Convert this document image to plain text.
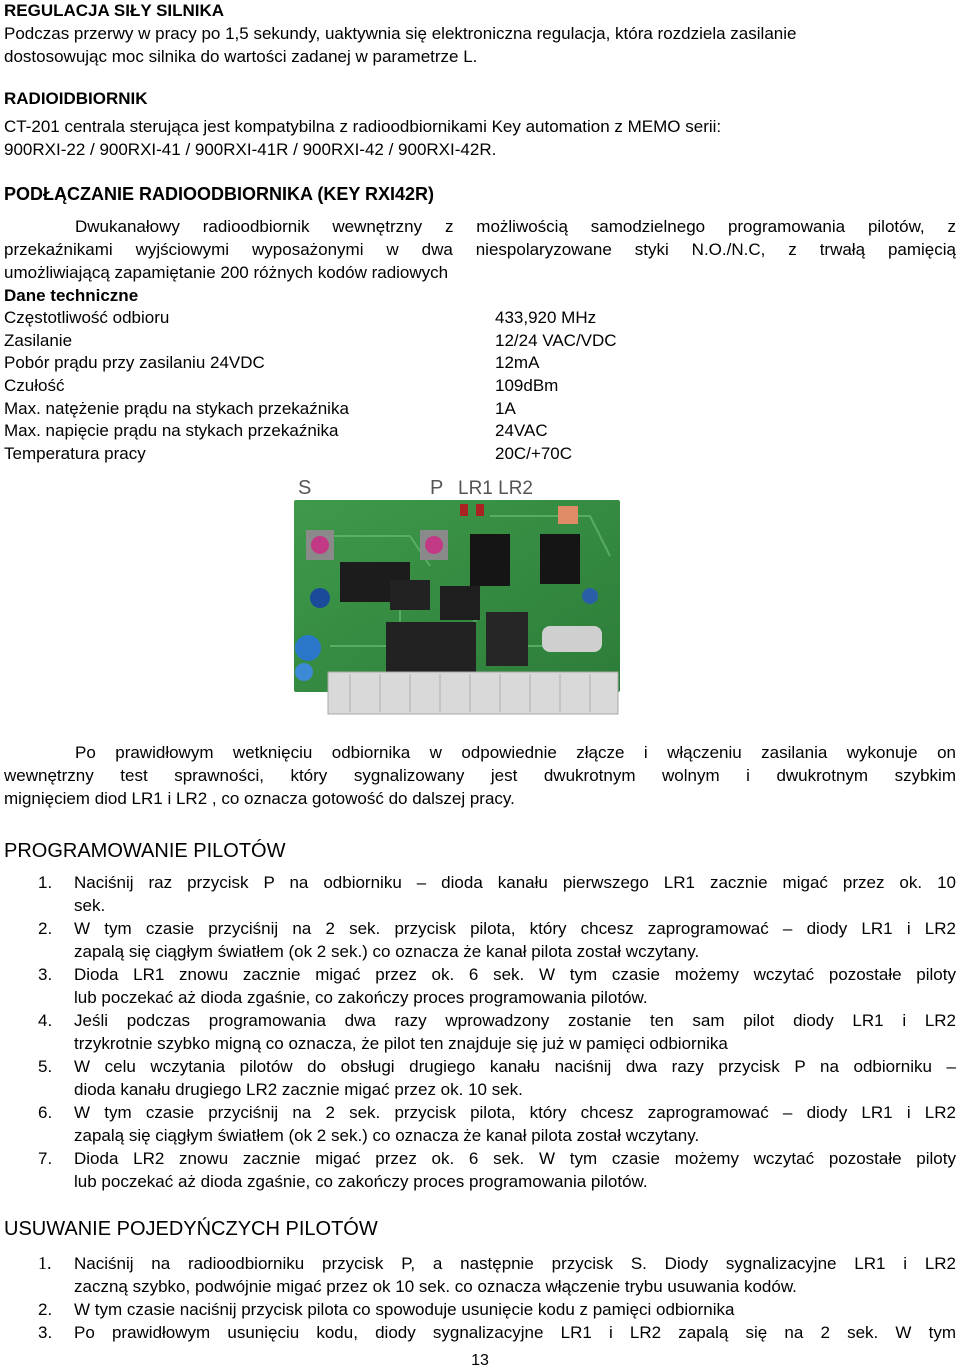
REGULACJA SIŁY SILNIKA
Podczas przerwy w pracy po 1,5 sekundy, uaktywnia się elektroniczna regulacja, która rozdziela zasilanie
dostosowując moc silnika do wartości zadanej w parametrze L.
RADIOIDBIORNIK
CT-201 centrala sterująca jest kompatybilna z radioodbiornikami Key automation z MEMO serii:
900RXI-22 / 900RXI-41 / 900RXI-41R / 900RXI-42 / 900RXI-42R.
PODŁĄCZANIE RADIOODBIORNIKA (KEY RXI42R)
Dwukanałowy radioodbiornik wewnętrzny z możliwością samodzielnego programowania pilotów, z
przekaźnikami wyjściowymi wyposażonymi w dwa niespolaryzowane styki N.O./N.C, z trwałą pamięcią
umożliwiającą zapamiętanie 200 różnych kodów radiowych
Dane techniczne
Częstotliwość odbioru	433,920 MHz
Zasilanie	12/24 VAC/VDC
Pobór prądu przy zasilaniu 24VDC	12mA
Czułość	109dBm
Max. natężenie prądu na stykach przekaźnika	1A
Max. napięcie prądu na stykach przekaźnika	24VAC
Temperatura pracy	20C/+70C
S	P LR1 LR2
Po prawidłowym wetknięciu odbiornika w odpowiednie złącze i włączeniu zasilania wykonuje on
wewnętrzny test sprawności, który sygnalizowany jest dwukrotnym wolnym i dwukrotnym szybkim
mignięciem diod LR1 i LR2 , co oznacza gotowość do dalszej pracy.
PROGRAMOWANIE PILOTÓW
1. Naciśnij raz przycisk P na odbiorniku – dioda kanału pierwszego LR1 zacznie migać przez ok. 10
sek.
2. W tym czasie przyciśnij na 2 sek. przycisk pilota, który chcesz zaprogramować – diody LR1 i LR2
zapalą się ciągłym światłem (ok 2 sek.) co oznacza że kanał pilota został wczytany.
3. Dioda LR1 znowu zacznie migać przez ok. 6 sek. W tym czasie możemy wczytać pozostałe piloty
lub poczekać aż dioda zgaśnie, co zakończy proces programowania pilotów.
4. Jeśli podczas programowania dwa razy wprowadzony zostanie ten sam pilot diody LR1 i LR2
trzykrotnie szybko migną co oznacza, że pilot ten znajduje się już w pamięci odbiornika
5. W celu wczytania pilotów do obsługi drugiego kanału naciśnij dwa razy przycisk P na odbiorniku –
dioda kanału drugiego LR2 zacznie migać przez ok. 10 sek.
6. W tym czasie przyciśnij na 2 sek. przycisk pilota, który chcesz zaprogramować – diody LR1 i LR2
zapalą się ciągłym światłem (ok 2 sek.) co oznacza że kanał pilota został wczytany.
7. Dioda LR2 znowu zacznie migać przez ok. 6 sek. W tym czasie możemy wczytać pozostałe piloty
lub poczekać aż dioda zgaśnie, co zakończy proces programowania pilotów.
USUWANIE POJEDYŃCZYCH PILOTÓW
1. Naciśnij na radioodbiorniku przycisk P, a następnie przycisk S. Diody sygnalizacyjne LR1 i LR2
zaczną szybko, podwójnie migać przez ok 10 sek. co oznacza włączenie trybu usuwania kodów.
2. W tym czasie naciśnij przycisk pilota co spowoduje usunięcie kodu z pamięci odbiornika
3. Po prawidłowym usunięciu kodu, diody sygnalizacyjne LR1 i LR2 zapalą się na 2 sek. W tym
13
